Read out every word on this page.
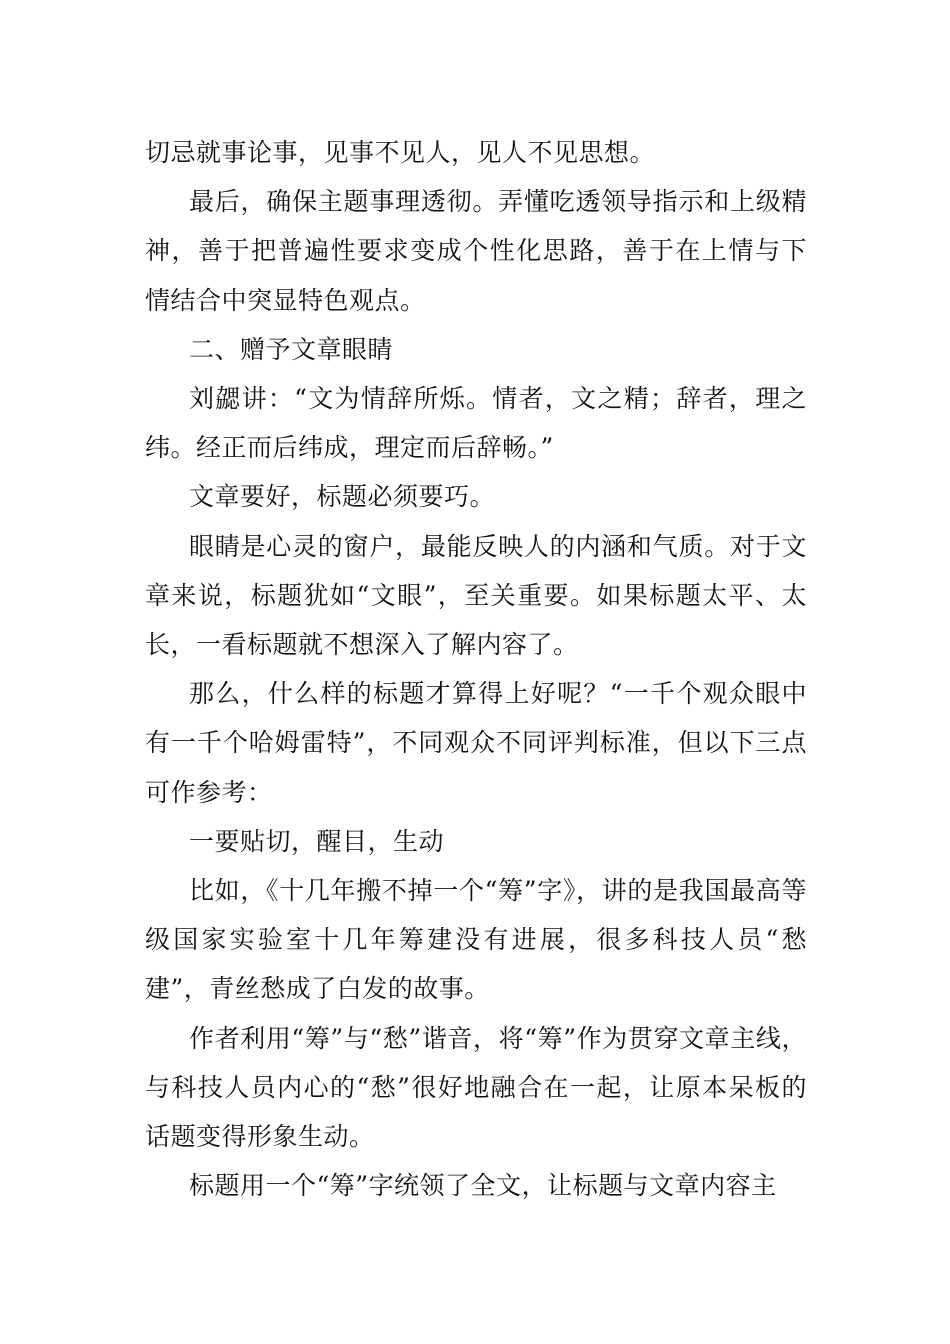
切忌就事论事，见事不见人，见人不见思想。

最后，确保主题事理透彻。弄懂吃透领导指示和上级精神，善于把普遍性要求变成个性化思路，善于在上情与下情结合中突显特色观点。

二、赠予文章眼睛

刘勰讲：“文为情辞所烁。情者，文之精；辞者，理之纬。经正而后纬成，理定而后辞畅。”

文章要好，标题必须要巧。

眼睛是心灵的窗户，最能反映人的内涵和气质。对于文章来说，标题犹如“文眼”，至关重要。如果标题太平、太长，一看标题就不想深入了解内容了。

那么，什么样的标题才算得上好呢？“一千个观众眼中有一千个哈姆雷特”，不同观众不同评判标准，但以下三点可作参考：

一要贴切，醒目，生动

比如，《十几年搬不掉一个“筹”字》，讲的是我国最高等级国家实验室十几年筹建没有进展，很多科技人员“愁建”，青丝愁成了白发的故事。

作者利用“筹”与“愁”谐音，将“筹”作为贯穿文章主线，与科技人员内心的“愁”很好地融合在一起，让原本呆板的话题变得形象生动。

标题用一个“筹”字统领了全文，让标题与文章内容主
